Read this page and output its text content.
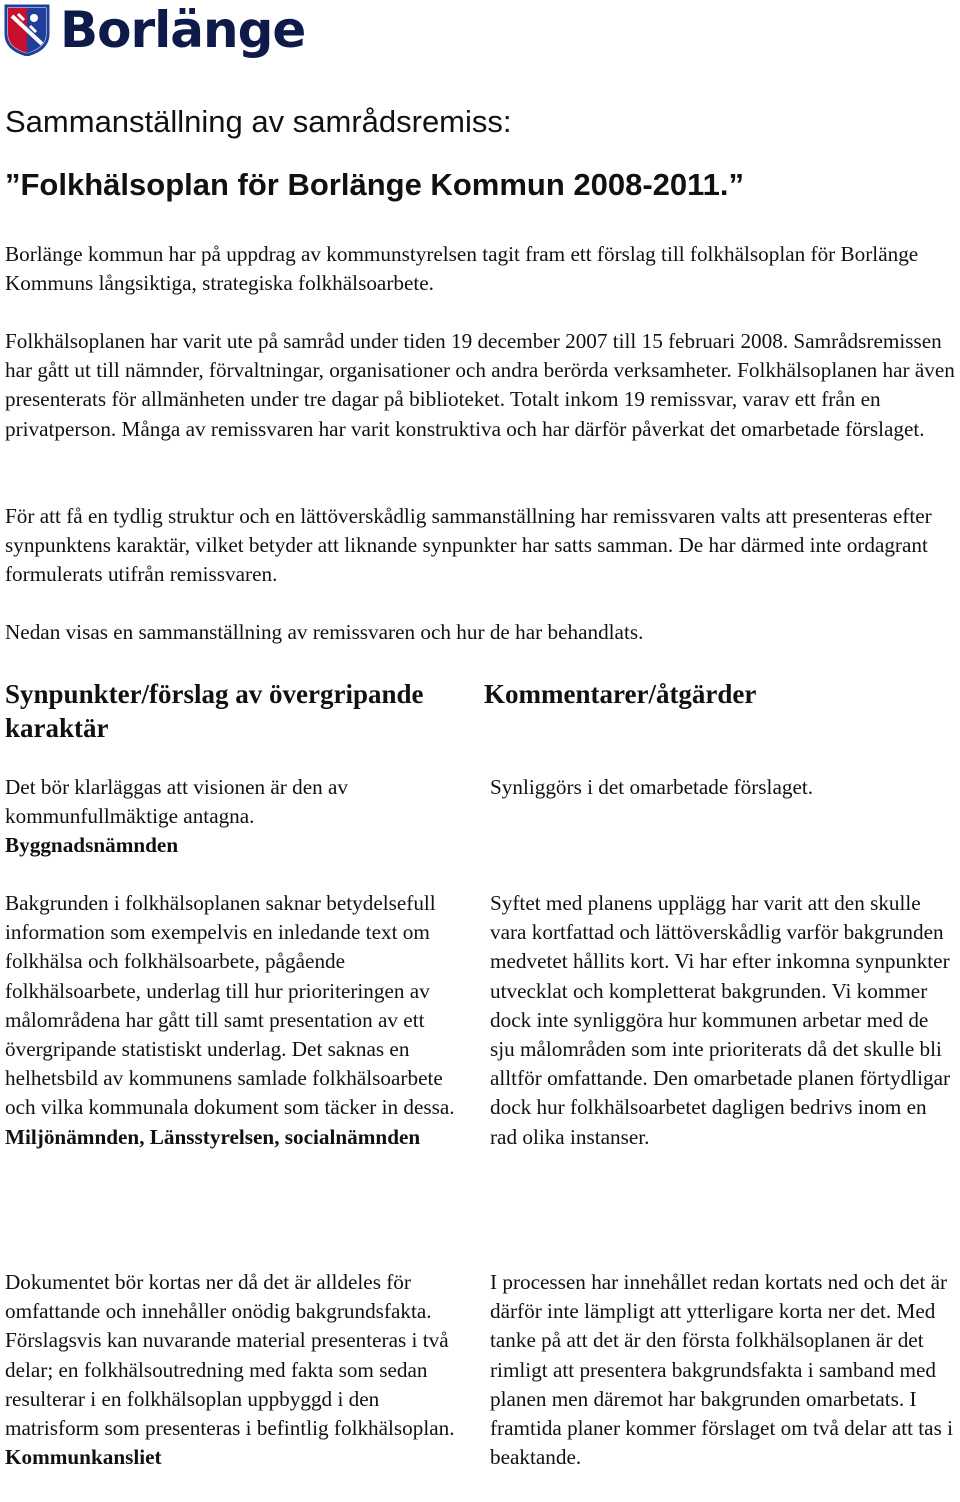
Borlänge
Sammanställning av samrådsremiss:
”Folkhälsoplan för Borlänge Kommun 2008-2011.”

Borlänge kommun har på uppdrag av kommunstyrelsen tagit fram ett förslag till folkhälsoplan för Borlänge Kommuns långsiktiga, strategiska folkhälsoarbete.

Folkhälsoplanen har varit ute på samråd under tiden 19 december 2007 till 15 februari 2008. Samrådsremissen har gått ut till nämnder, förvaltningar, organisationer och andra berörda verksamheter. Folkhälsoplanen har även presenterats för allmänheten under tre dagar på biblioteket. Totalt inkom 19 remissvar, varav ett från en privatperson. Många av remissvaren har varit konstruktiva och har därför påverkat det omarbetade förslaget.

För att få en tydlig struktur och en lättöverskådlig sammanställning har remissvaren valts att presenteras efter synpunktens karaktär, vilket betyder att liknande synpunkter har satts samman. De har därmed inte ordagrant formulerats utifrån remissvaren.

Nedan visas en sammanställning av remissvaren och hur de har behandlats.

Synpunkter/förslag av övergripande karaktär
Kommentarer/åtgärder

Det bör klarläggas att visionen är den av kommunfullmäktige antagna.
Byggnadsnämnden

Synliggörs i det omarbetade förslaget.

Bakgrunden i folkhälsoplanen saknar betydelsefull information som exempelvis en inledande text om folkhälsa och folkhälsoarbete, pågående folkhälsoarbete, underlag till hur prioriteringen av målområdena har gått till samt presentation av ett övergripande statistiskt underlag. Det saknas en helhetsbild av kommunens samlade folkhälsoarbete och vilka kommunala dokument som täcker in dessa.
Miljönämnden, Länsstyrelsen, socialnämnden

Syftet med planens upplägg har varit att den skulle vara kortfattad och lättöverskådlig varför bakgrunden medvetet hållits kort. Vi har efter inkomna synpunkter utvecklat och kompletterat bakgrunden. Vi kommer dock inte synliggöra hur kommunen arbetar med de sju målområden som inte prioriterats då det skulle bli alltför omfattande. Den omarbetade planen förtydligar dock hur folkhälsoarbetet dagligen bedrivs inom en rad olika instanser.

Dokumentet bör kortas ner då det är alldeles för omfattande och innehåller onödig bakgrundsfakta. Förslagsvis kan nuvarande material presenteras i två delar; en folkhälsoutredning med fakta som sedan resulterar i en folkhälsoplan uppbyggd i den matrisform som presenteras i befintlig folkhälsoplan. Kommunkansliet

I processen har innehållet redan kortats ned och det är därför inte lämpligt att ytterligare korta ner det. Med tanke på att det är den första folkhälsoplanen är det rimligt att presentera bakgrundsfakta i samband med planen men däremot har bakgrunden omarbetats. I framtida planer kommer förslaget om två delar att tas i beaktande.
